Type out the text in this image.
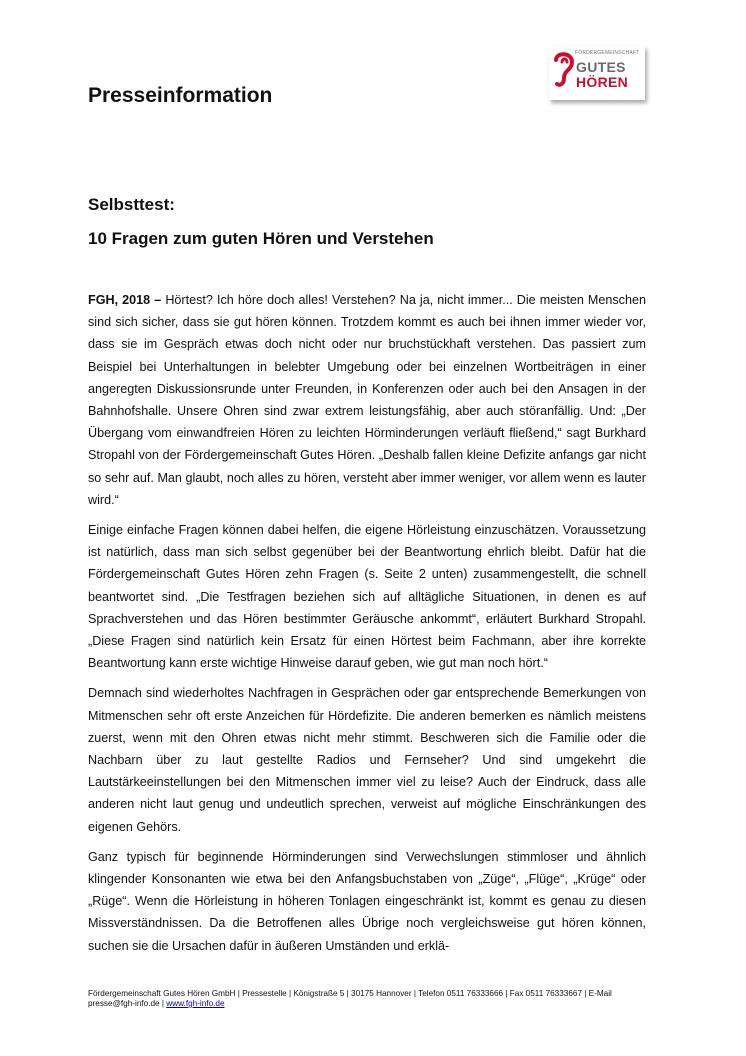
Presseinformation
FÖRDERGEMEINSCHAFT
GUTES
HÖREN
Selbsttest:
10 Fragen zum guten Hören und Verstehen

FGH, 2018 – Hörtest? Ich höre doch alles! Verstehen? Na ja, nicht immer... Die meisten Menschen sind sich sicher, dass sie gut hören können. Trotzdem kommt es auch bei ihnen immer wieder vor, dass sie im Gespräch etwas doch nicht oder nur bruchstückhaft verstehen. Das passiert zum Beispiel bei Unterhaltungen in belebter Umgebung oder bei einzelnen Wortbeiträgen in einer angeregten Diskussionsrunde unter Freunden, in Konferenzen oder auch bei den Ansagen in der Bahnhofshalle. Unsere Ohren sind zwar extrem leistungsfähig, aber auch störanfällig. Und: „Der Übergang vom einwandfreien Hören zu leichten Hörminderungen verläuft fließend,“ sagt Burkhard Stropahl von der Fördergemeinschaft Gutes Hören. „Deshalb fallen kleine Defizite anfangs gar nicht so sehr auf. Man glaubt, noch alles zu hören, versteht aber immer weniger, vor allem wenn es lauter wird.“

Einige einfache Fragen können dabei helfen, die eigene Hörleistung einzuschätzen. Voraussetzung ist natürlich, dass man sich selbst gegenüber bei der Beantwortung ehrlich bleibt. Dafür hat die Fördergemeinschaft Gutes Hören zehn Fragen (s. Seite 2 unten) zusammengestellt, die schnell beantwortet sind. „Die Testfragen beziehen sich auf alltägliche Situationen, in denen es auf Sprachverstehen und das Hören bestimmter Geräusche ankommt“, erläutert Burkhard Stropahl. „Diese Fragen sind natürlich kein Ersatz für einen Hörtest beim Fachmann, aber ihre korrekte Beantwortung kann erste wichtige Hinweise darauf geben, wie gut man noch hört.“

Demnach sind wiederholtes Nachfragen in Gesprächen oder gar entsprechende Bemerkungen von Mitmenschen sehr oft erste Anzeichen für Hördefizite. Die anderen bemerken es nämlich meistens zuerst, wenn mit den Ohren etwas nicht mehr stimmt. Beschweren sich die Familie oder die Nachbarn über zu laut gestellte Radios und Fernseher? Und sind umgekehrt die Lautstärkeeinstellungen bei den Mitmenschen immer viel zu leise? Auch der Eindruck, dass alle anderen nicht laut genug und undeutlich sprechen, verweist auf mögliche Einschränkungen des eigenen Gehörs.

Ganz typisch für beginnende Hörminderungen sind Verwechslungen stimmloser und ähnlich klingender Konsonanten wie etwa bei den Anfangsbuchstaben von „Züge“, „Flüge“, „Krüge“ oder „Rüge“. Wenn die Hörleistung in höheren Tonlagen eingeschränkt ist, kommt es genau zu diesen Missverständnissen. Da die Betroffenen alles Übrige noch vergleichsweise gut hören können, suchen sie die Ursachen dafür in äußeren Umständen und erklä-

Fördergemeinschaft Gutes Hören GmbH | Pressestelle | Königstraße 5 | 30175 Hannover | Telefon 0511 76333666 | Fax 0511 76333667 | E-Mail presse@fgh-info.de | www.fgh-info.de
